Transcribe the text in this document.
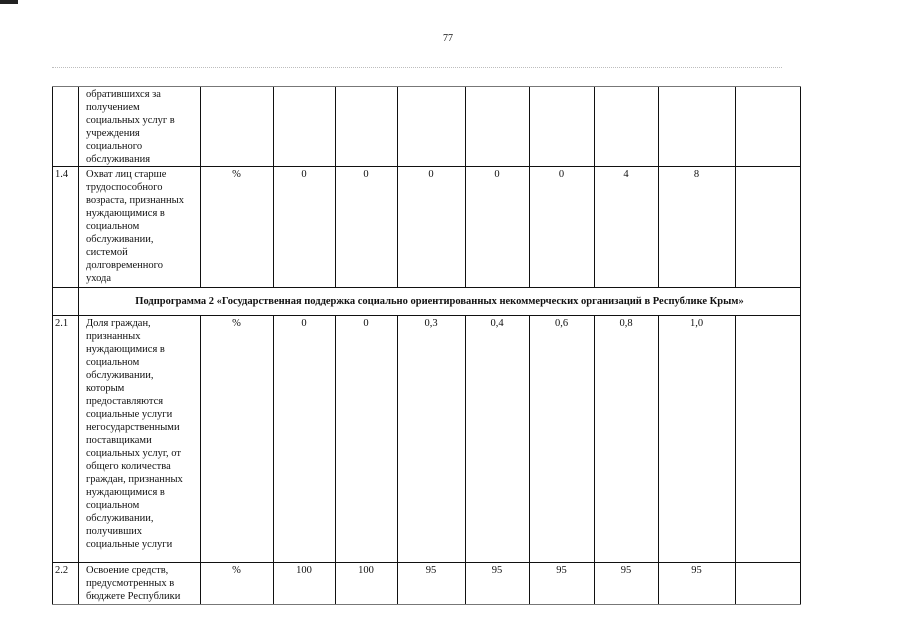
77
обратившихся за
получением
социальных услуг в
учреждения
социального
обслуживания
1.4 Охват лиц старше
трудоспособного
возраста, признанных
нуждающимися в
социальном
обслуживании,
системой
долговременного
ухода
%	0	0	0	0	0	4	8
Подпрограмма 2 «Государственная поддержка социально ориентированных некоммерческих организаций в Республике Крым»
2.1 Доля граждан,
признанных
нуждающимися в
социальном
обслуживании,
которым
предоставляются
социальные услуги
негосударственными
поставщиками
социальных услуг, от
общего количества
граждан, признанных
нуждающимися в
социальном
обслуживании,
получивших
социальные услуги
%	0	0	0,3	0,4	0,6	0,8	1,0
2.2 Освоение средств,
предусмотренных в
бюджете Республики
%	100	100	95	95	95	95	95
